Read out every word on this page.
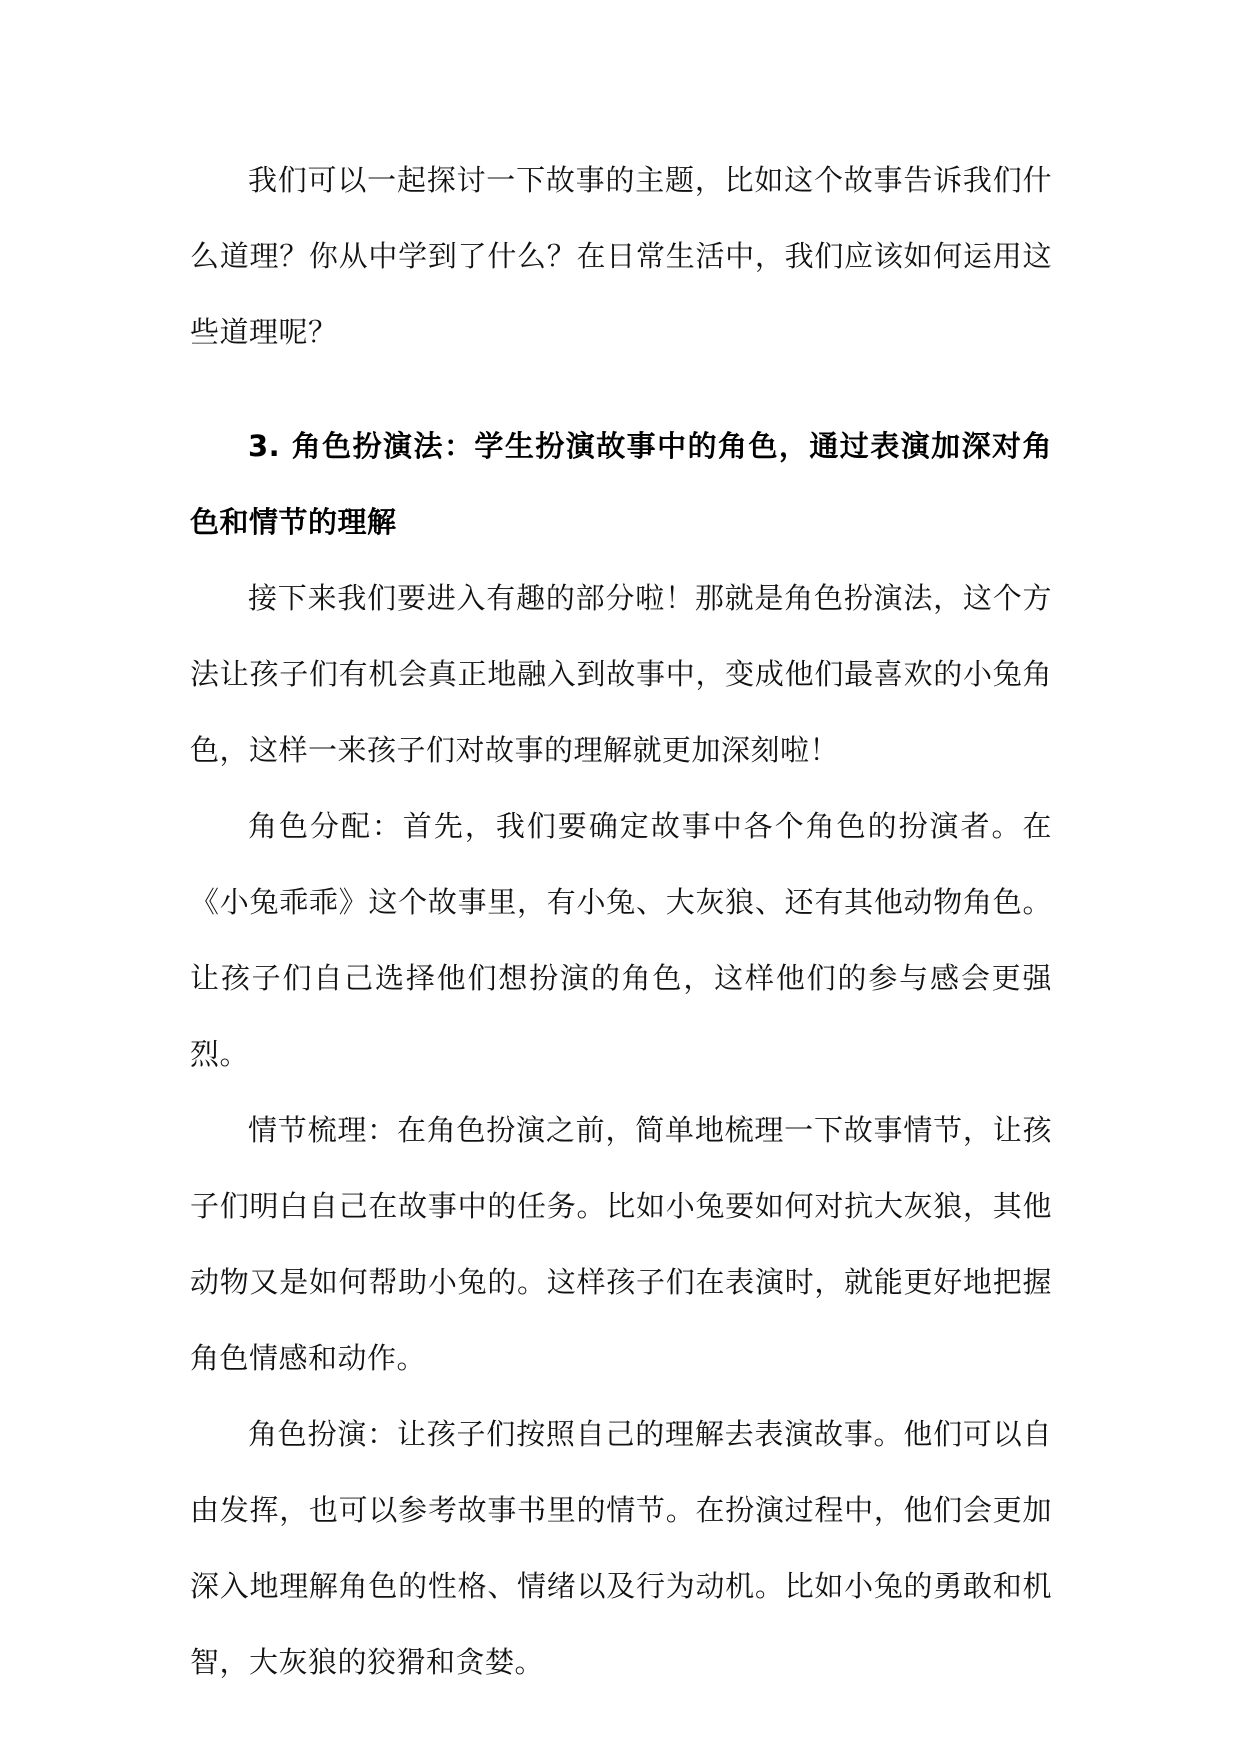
我们可以一起探讨一下故事的主题，比如这个故事告诉我们什么道理？你从中学到了什么？在日常生活中，我们应该如何运用这些道理呢？

3. 角色扮演法：学生扮演故事中的角色，通过表演加深对角色和情节的理解

接下来我们要进入有趣的部分啦！那就是角色扮演法，这个方法让孩子们有机会真正地融入到故事中，变成他们最喜欢的小兔角色，这样一来孩子们对故事的理解就更加深刻啦！

角色分配：首先，我们要确定故事中各个角色的扮演者。在《小兔乖乖》这个故事里，有小兔、大灰狼、还有其他动物角色。让孩子们自己选择他们想扮演的角色，这样他们的参与感会更强烈。

情节梳理：在角色扮演之前，简单地梳理一下故事情节，让孩子们明白自己在故事中的任务。比如小兔要如何对抗大灰狼，其他动物又是如何帮助小兔的。这样孩子们在表演时，就能更好地把握角色情感和动作。

角色扮演：让孩子们按照自己的理解去表演故事。他们可以自由发挥，也可以参考故事书里的情节。在扮演过程中，他们会更加深入地理解角色的性格、情绪以及行为动机。比如小兔的勇敢和机智，大灰狼的狡猾和贪婪。
